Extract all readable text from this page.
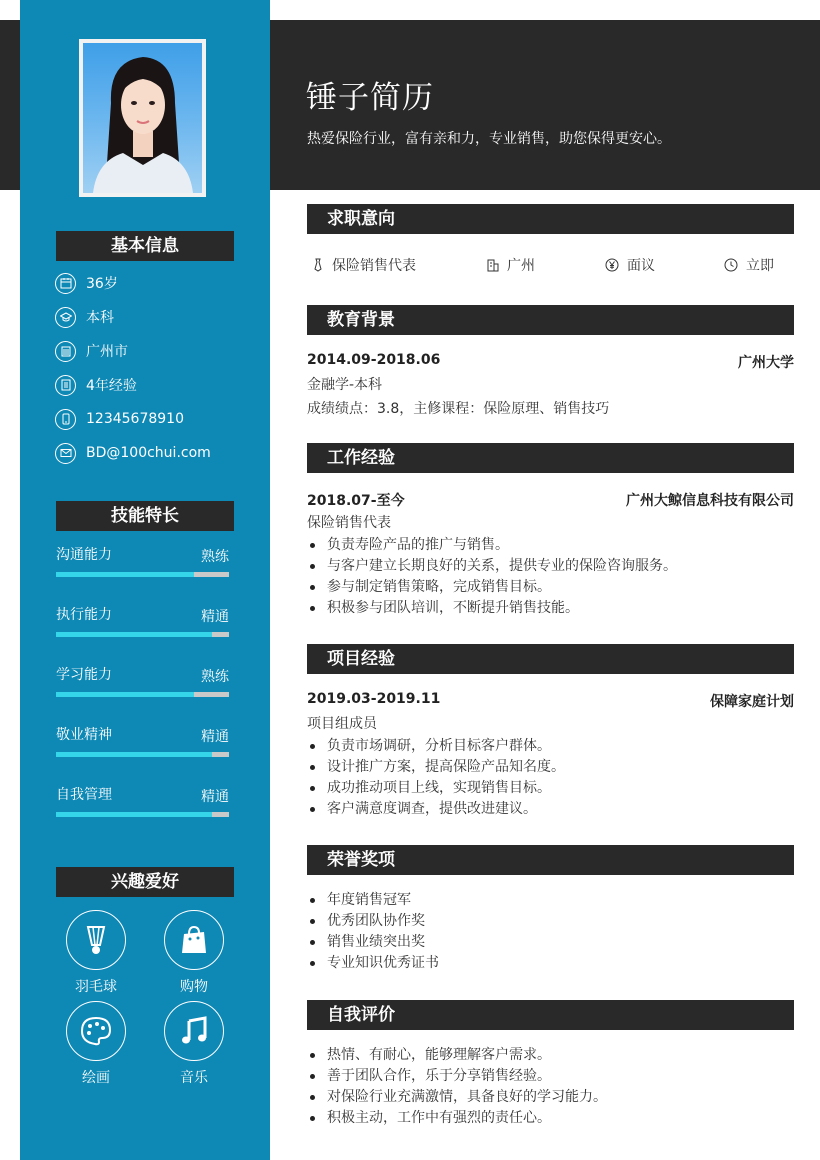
锤子简历
热爱保险行业，富有亲和力，专业销售，助您保得更安心。
基本信息
36岁
本科
广州市
4年经验
12345678910
BD@100chui.com
技能特长
沟通能力	熟练
执行能力	精通
学习能力	熟练
敬业精神	精通
自我管理	精通
兴趣爱好
羽毛球	购物
绘画	音乐
求职意向
保险销售代表	广州	面议	立即
教育背景
2014.09-2018.06	广州大学
金融学-本科
成绩绩点：3.8，主修课程：保险原理、销售技巧
工作经验
2018.07-至今	广州大鲸信息科技有限公司
保险销售代表
负责寿险产品的推广与销售。
与客户建立长期良好的关系，提供专业的保险咨询服务。
参与制定销售策略，完成销售目标。
积极参与团队培训，不断提升销售技能。
项目经验
2019.03-2019.11	保障家庭计划
项目组成员
负责市场调研，分析目标客户群体。
设计推广方案，提高保险产品知名度。
成功推动项目上线，实现销售目标。
客户满意度调查，提供改进建议。
荣誉奖项
年度销售冠军
优秀团队协作奖
销售业绩突出奖
专业知识优秀证书
自我评价
热情、有耐心，能够理解客户需求。
善于团队合作，乐于分享销售经验。
对保险行业充满激情，具备良好的学习能力。
积极主动，工作中有强烈的责任心。
